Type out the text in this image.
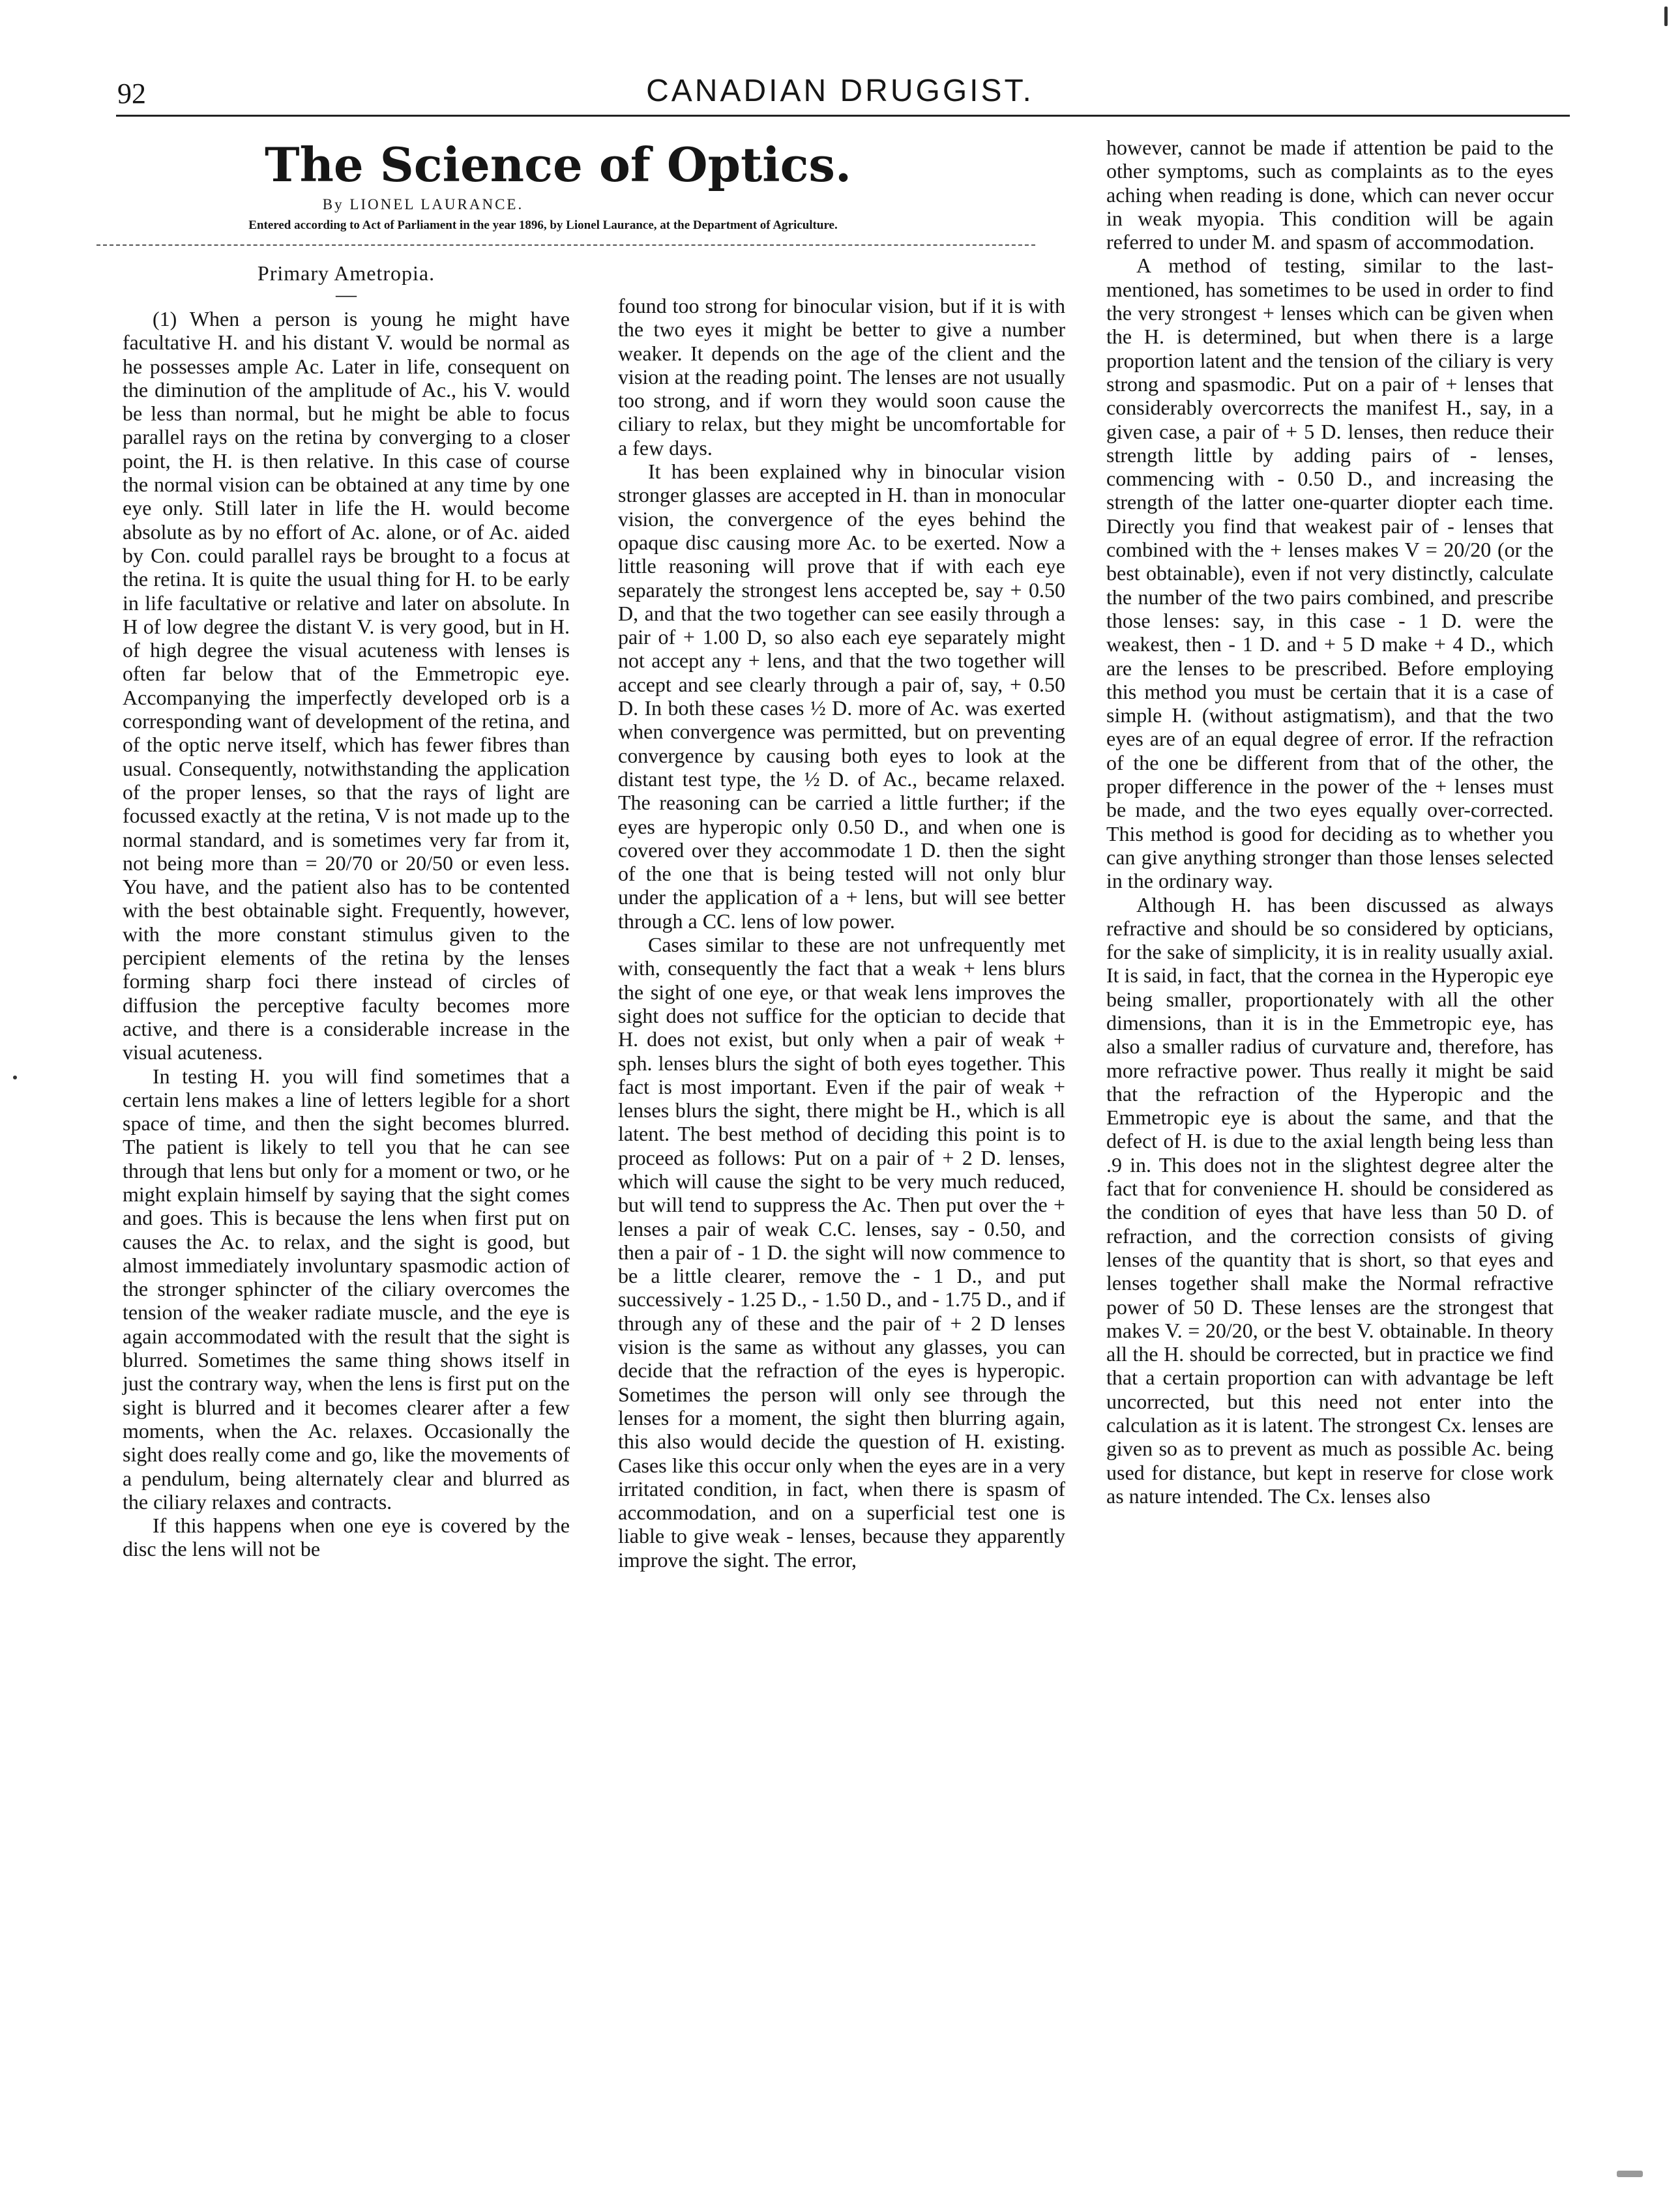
92	CANADIAN DRUGGIST.
The Science of Optics.
By LIONEL LAURANCE.
Entered according to Act of Parliament in the year 1896, by Lionel Laurance, at the Department of Agriculture.
Primary Ametropia.
—

(1) When a person is young he might have facultative H. and his distant V. would be normal as he possesses ample Ac. Later in life, consequent on the diminution of the amplitude of Ac., his V. would be less than normal, but he might be able to focus parallel rays on the retina by converging to a closer point, the H. is then relative. In this case of course the normal vision can be obtained at any time by one eye only. Still later in life the H. would become absolute as by no effort of Ac. alone, or of Ac. aided by Con. could parallel rays be brought to a focus at the retina. It is quite the usual thing for H. to be early in life facultative or relative and later on absolute. In H of low degree the distant V. is very good, but in H. of high degree the visual acuteness with lenses is often far below that of the Emmetropic eye. Accompanying the imperfectly developed orb is a corresponding want of development of the retina, and of the optic nerve itself, which has fewer fibres than usual. Consequently, notwithstanding the application of the proper lenses, so that the rays of light are focussed exactly at the retina, V is not made up to the normal standard, and is sometimes very far from it, not being more than = 20/70 or 20/50 or even less. You have, and the patient also has to be contented with the best obtainable sight. Frequently, however, with the more constant stimulus given to the percipient elements of the retina by the lenses forming sharp foci there instead of circles of diffusion the perceptive faculty becomes more active, and there is a considerable increase in the visual acuteness.

In testing H. you will find sometimes that a certain lens makes a line of letters legible for a short space of time, and then the sight becomes blurred. The patient is likely to tell you that he can see through that lens but only for a moment or two, or he might explain himself by saying that the sight comes and goes. This is because the lens when first put on causes the Ac. to relax, and the sight is good, but almost immediately involuntary spasmodic action of the stronger sphincter of the ciliary overcomes the tension of the weaker radiate muscle, and the eye is again accommodated with the result that the sight is blurred. Sometimes the same thing shows itself in just the contrary way, when the lens is first put on the sight is blurred and it becomes clearer after a few moments, when the Ac. relaxes. Occasionally the sight does really come and go, like the movements of a pendulum, being alternately clear and blurred as the ciliary relaxes and contracts.

If this happens when one eye is covered by the disc the lens will not be

found too strong for binocular vision, but if it is with the two eyes it might be better to give a number weaker. It depends on the age of the client and the vision at the reading point. The lenses are not usually too strong, and if worn they would soon cause the ciliary to relax, but they might be uncomfortable for a few days.

It has been explained why in binocular vision stronger glasses are accepted in H. than in monocular vision, the convergence of the eyes behind the opaque disc causing more Ac. to be exerted. Now a little reasoning will prove that if with each eye separately the strongest lens accepted be, say + 0.50 D, and that the two together can see easily through a pair of + 1.00 D, so also each eye separately might not accept any + lens, and that the two together will accept and see clearly through a pair of, say, + 0.50 D. In both these cases ½ D. more of Ac. was exerted when convergence was permitted, but on preventing convergence by causing both eyes to look at the distant test type, the ½ D. of Ac., became relaxed. The reasoning can be carried a little further; if the eyes are hyperopic only 0.50 D., and when one is covered over they accommodate 1 D. then the sight of the one that is being tested will not only blur under the application of a + lens, but will see better through a CC. lens of low power.

Cases similar to these are not unfrequently met with, consequently the fact that a weak + lens blurs the sight of one eye, or that weak lens improves the sight does not suffice for the optician to decide that H. does not exist, but only when a pair of weak + sph. lenses blurs the sight of both eyes together. This fact is most important. Even if the pair of weak + lenses blurs the sight, there might be H., which is all latent. The best method of deciding this point is to proceed as follows: Put on a pair of + 2 D. lenses, which will cause the sight to be very much reduced, but will tend to suppress the Ac. Then put over the + lenses a pair of weak C.C. lenses, say - 0.50, and then a pair of - 1 D. the sight will now commence to be a little clearer, remove the - 1 D., and put successively - 1.25 D., - 1.50 D., and - 1.75 D., and if through any of these and the pair of + 2 D lenses vision is the same as without any glasses, you can decide that the refraction of the eyes is hyperopic. Sometimes the person will only see through the lenses for a moment, the sight then blurring again, this also would decide the question of H. existing. Cases like this occur only when the eyes are in a very irritated condition, in fact, when there is spasm of accommodation, and on a superficial test one is liable to give weak - lenses, because they apparently improve the sight. The error,

however, cannot be made if attention be paid to the other symptoms, such as complaints as to the eyes aching when reading is done, which can never occur in weak myopia. This condition will be again referred to under M. and spasm of accommodation.

A method of testing, similar to the last-mentioned, has sometimes to be used in order to find the very strongest + lenses which can be given when the H. is determined, but when there is a large proportion latent and the tension of the ciliary is very strong and spasmodic. Put on a pair of + lenses that considerably overcorrects the manifest H., say, in a given case, a pair of + 5 D. lenses, then reduce their strength little by adding pairs of - lenses, commencing with - 0.50 D., and increasing the strength of the latter one-quarter diopter each time. Directly you find that weakest pair of - lenses that combined with the + lenses makes V = 20/20 (or the best obtainable), even if not very distinctly, calculate the number of the two pairs combined, and prescribe those lenses: say, in this case - 1 D. were the weakest, then - 1 D. and + 5 D make + 4 D., which are the lenses to be prescribed. Before employing this method you must be certain that it is a case of simple H. (without astigmatism), and that the two eyes are of an equal degree of error. If the refraction of the one be different from that of the other, the proper difference in the power of the + lenses must be made, and the two eyes equally over-corrected. This method is good for deciding as to whether you can give anything stronger than those lenses selected in the ordinary way.

Although H. has been discussed as always refractive and should be so considered by opticians, for the sake of simplicity, it is in reality usually axial. It is said, in fact, that the cornea in the Hyperopic eye being smaller, proportionately with all the other dimensions, than it is in the Emmetropic eye, has also a smaller radius of curvature and, therefore, has more refractive power. Thus really it might be said that the refraction of the Hyperopic and the Emmetropic eye is about the same, and that the defect of H. is due to the axial length being less than .9 in. This does not in the slightest degree alter the fact that for convenience H. should be considered as the condition of eyes that have less than 50 D. of refraction, and the correction consists of giving lenses of the quantity that is short, so that eyes and lenses together shall make the Normal refractive power of 50 D. These lenses are the strongest that makes V. = 20/20, or the best V. obtainable. In theory all the H. should be corrected, but in practice we find that a certain proportion can with advantage be left uncorrected, but this need not enter into the calculation as it is latent. The strongest Cx. lenses are given so as to prevent as much as possible Ac. being used for distance, but kept in reserve for close work as nature intended. The Cx. lenses also
